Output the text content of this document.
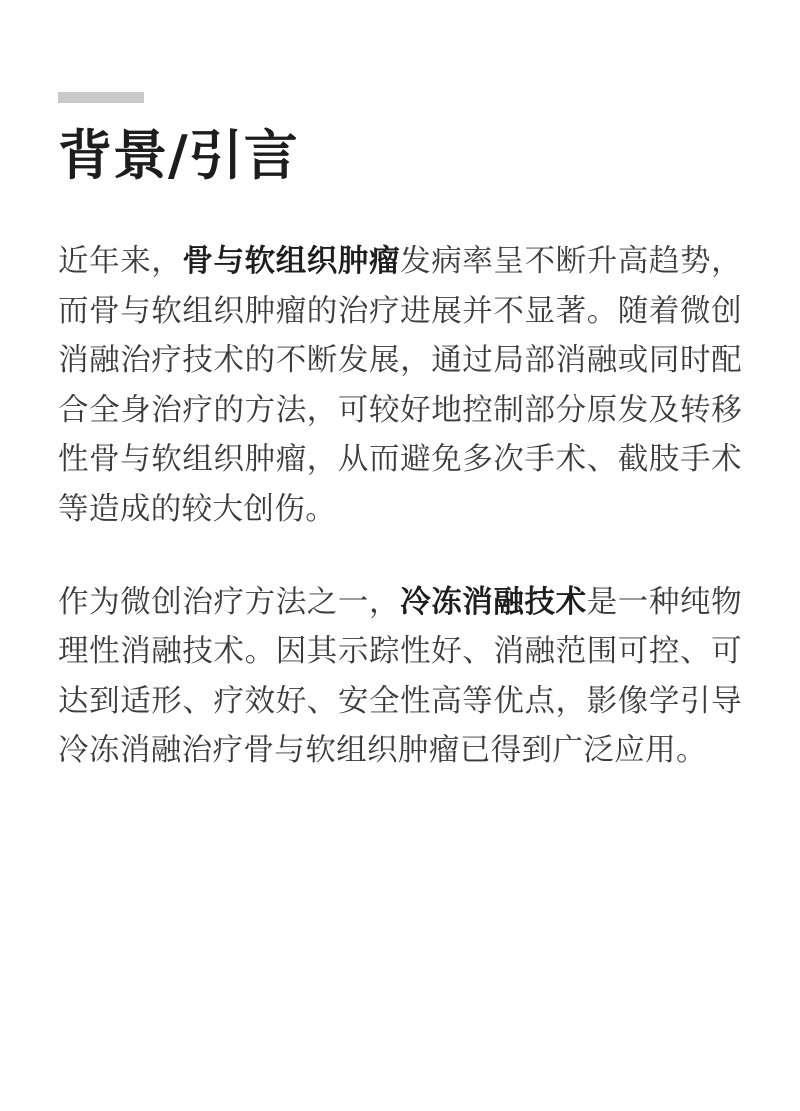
背景/引言

近年来，骨与软组织肿瘤发病率呈不断升高趋势，而骨与软组织肿瘤的治疗进展并不显著。随着微创消融治疗技术的不断发展，通过局部消融或同时配合全身治疗的方法，可较好地控制部分原发及转移性骨与软组织肿瘤，从而避免多次手术、截肢手术等造成的较大创伤。

作为微创治疗方法之一，冷冻消融技术是一种纯物理性消融技术。因其示踪性好、消融范围可控、可达到适形、疗效好、安全性高等优点，影像学引导冷冻消融治疗骨与软组织肿瘤已得到广泛应用。
